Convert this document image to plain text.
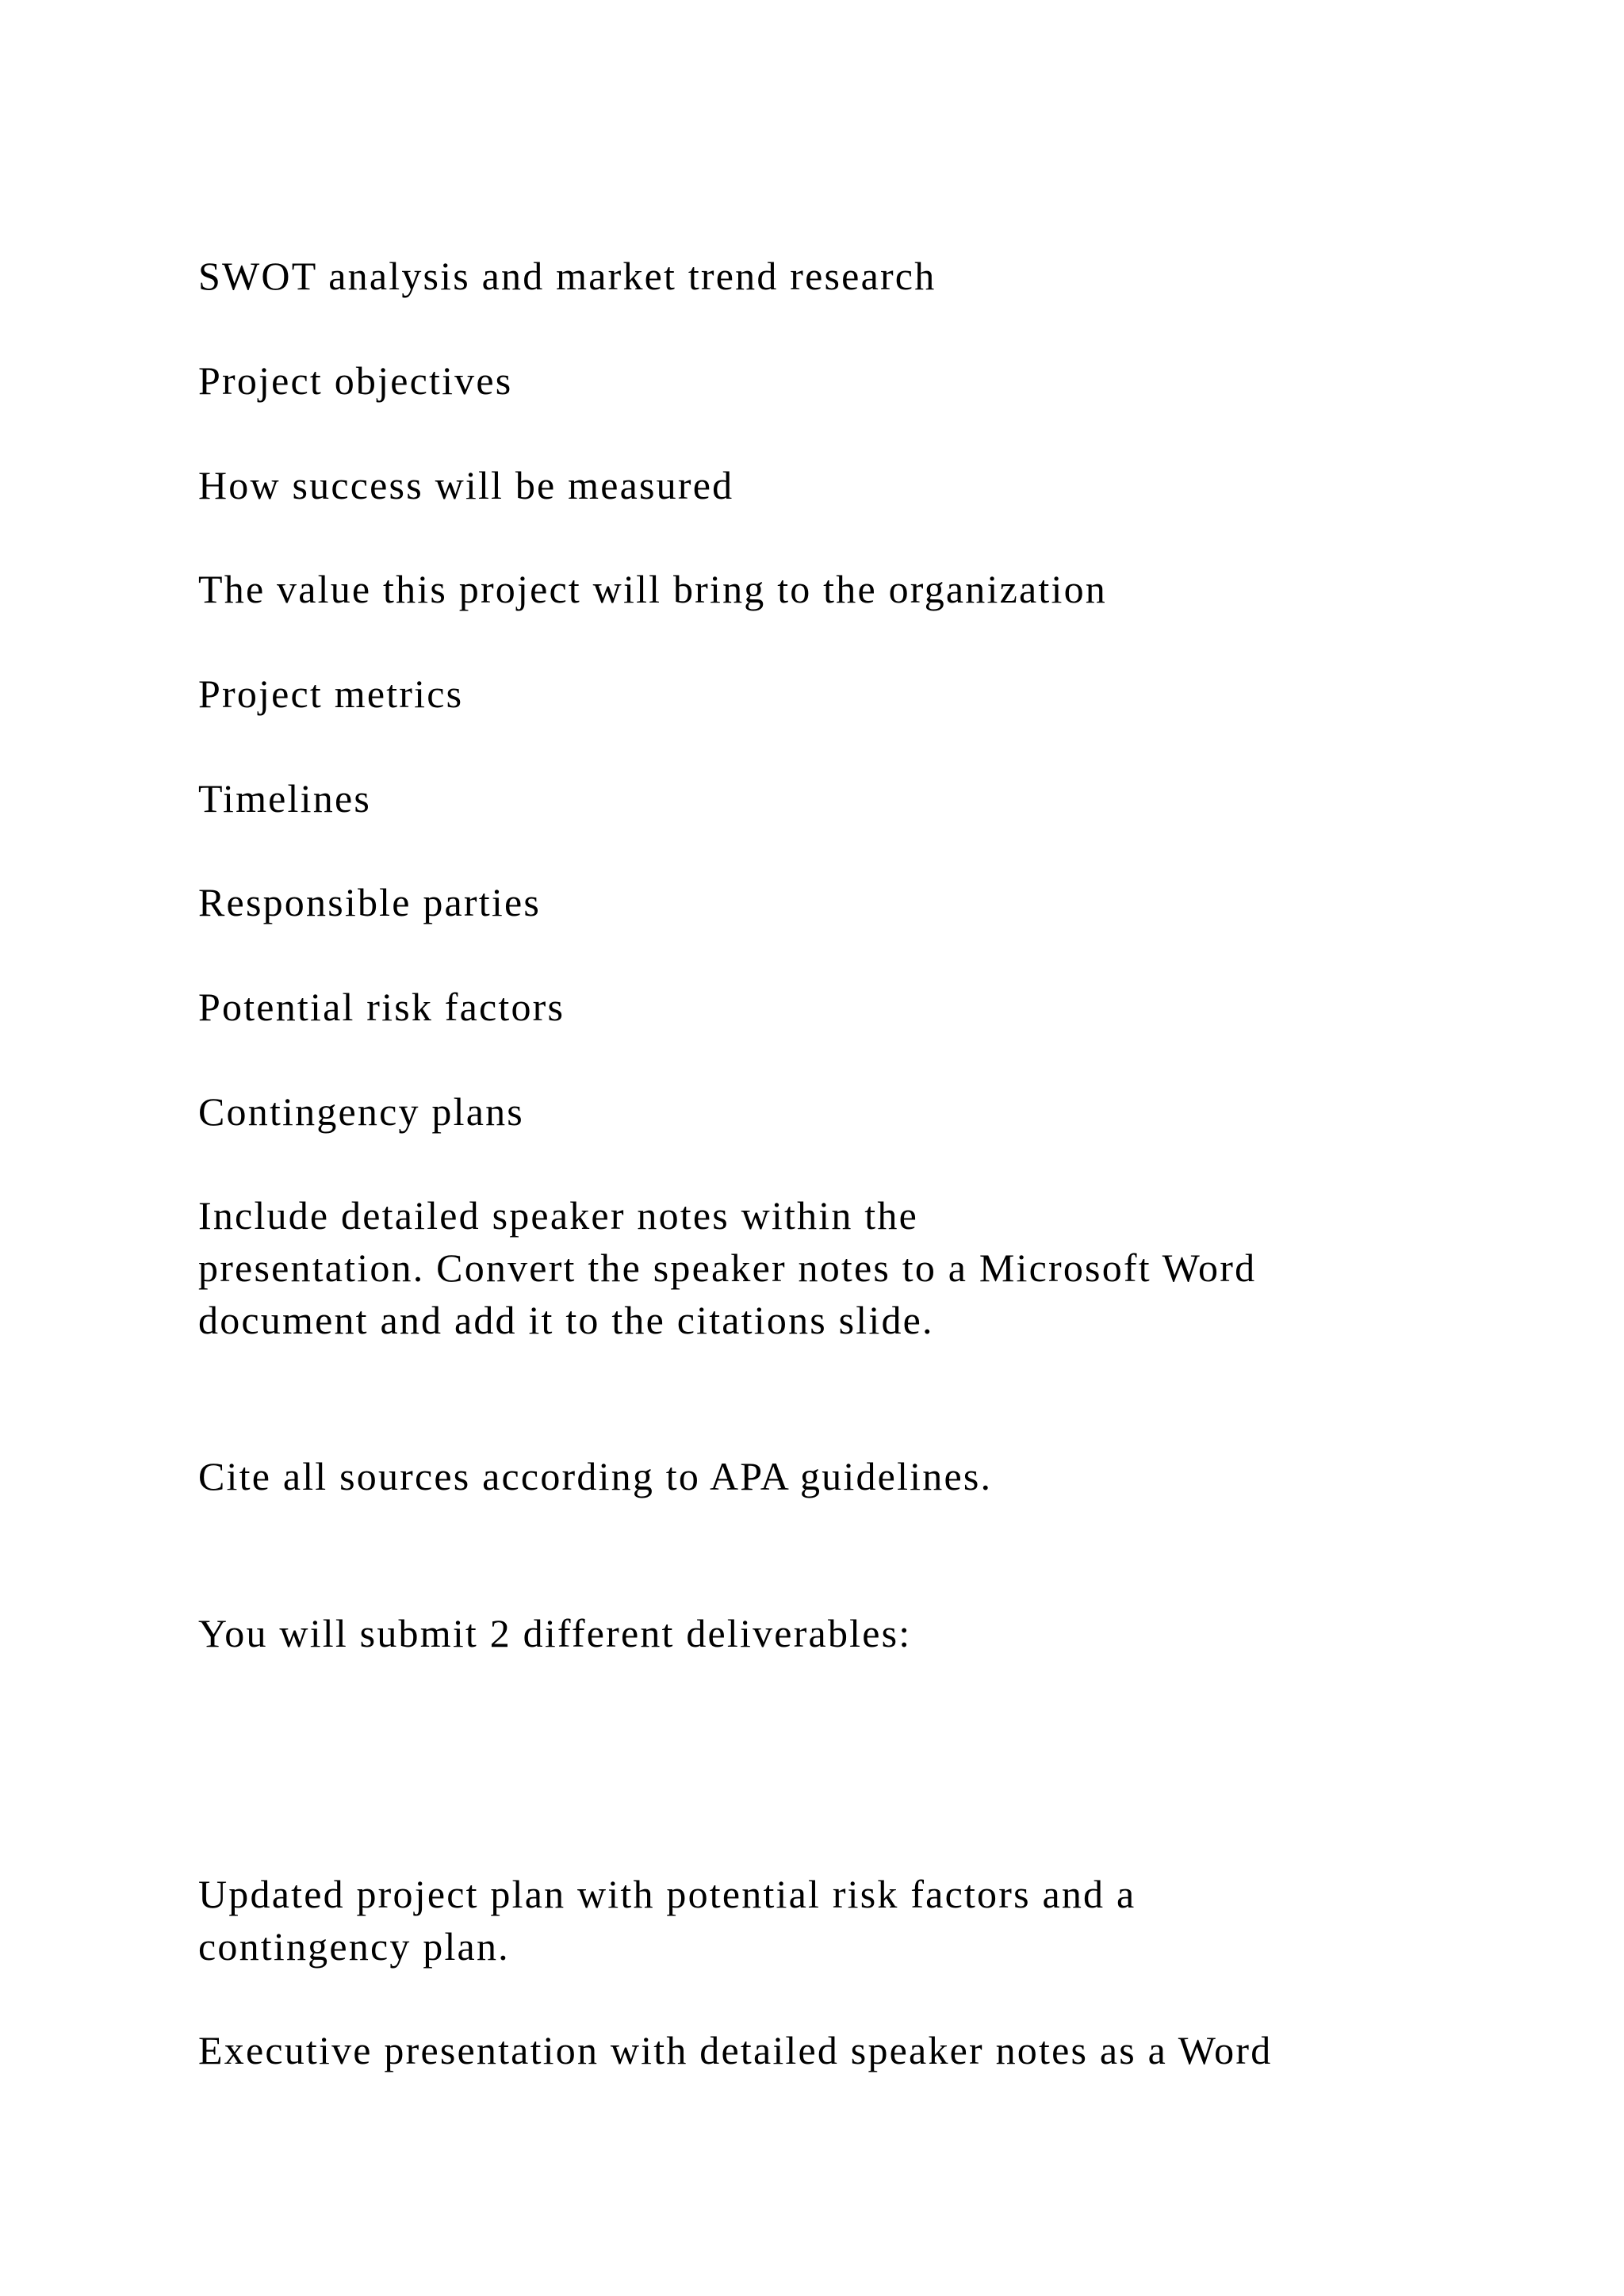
SWOT analysis and market trend research
Project objectives
How success will be measured
The value this project will bring to the organization
Project metrics
Timelines
Responsible parties
Potential risk factors
Contingency plans
Include detailed speaker notes within the
presentation. Convert the speaker notes to a Microsoft Word
document and add it to the citations slide.
Cite all sources according to APA guidelines.
You will submit 2 different deliverables:
Updated project plan with potential risk factors and a
contingency plan.
Executive presentation with detailed speaker notes as a Word
